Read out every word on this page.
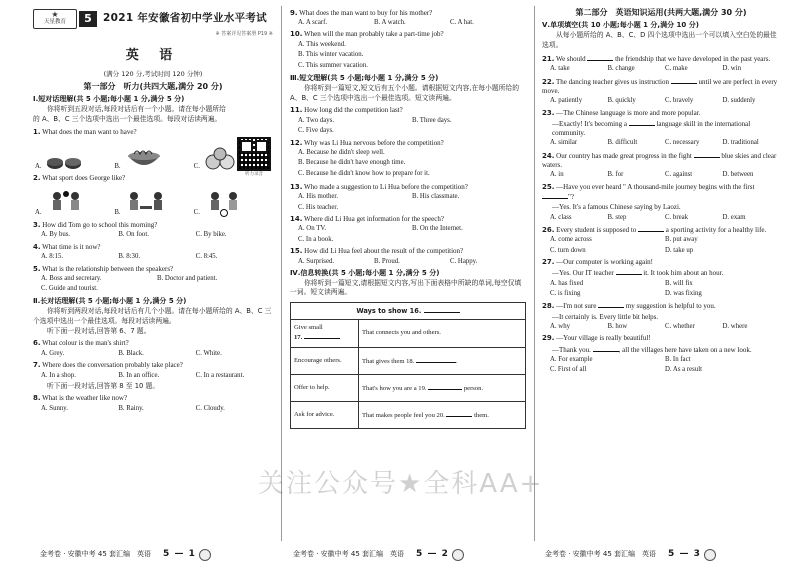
★
天星教育	5	2021 年安徽省初中学业水平考试
※ 答案详见答案册 P19 ※
英 语
(满分 120 分,考试时间 120 分钟)
第一部分　听力(共四大题,满分 20 分)
Ⅰ.短对话理解(共 5 小题;每小题 1 分,满分 5 分)
你将听到五段对话,每段对话后有一个小题。请在每小题所给的 A、B、C 三个选项中选出一个最佳选项。每段对话读两遍。
1. What does the man want to have?
A.	B.	C.
2. What sport does George like?
A.	B.	C.
3. How did Tom go to school this morning?
A. By bus.	B. On foot.	C. By bike.
4. What time is it now?
A. 8:15.	B. 8:30.	C. 8:45.
5. What is the relationship between the speakers?
A. Boss and secretary.	B. Doctor and patient.
C. Guide and tourist.
Ⅱ.长对话理解(共 5 小题;每小题 1 分,满分 5 分)
你将听到两段对话,每段对话后有几个小题。请在每小题所给的 A、B、C 三个选项中选出一个最佳选项。每段对话读两遍。
听下面一段对话,回答第 6、7 题。
6. What colour is the man's shirt?
A. Grey.	B. Black.	C. White.
7. Where does the conversation probably take place?
A. In a shop.	B. In an office.	C. In a restaurant.
听下面一段对话,回答第 8 至 10 题。
8. What is the weather like now?
A. Sunny.	B. Rainy.	C. Cloudy.
听力录音
9. What does the man want to buy for his mother?
A. A scarf.	B. A watch.	C. A hat.
10. When will the man probably take a part-time job?
A. This weekend.
B. This winter vacation.
C. This summer vacation.
Ⅲ.短文理解(共 5 小题;每小题 1 分,满分 5 分)
你将听到一篇短文,短文后有五个小题。请根据短文内容,在每小题所给的 A、B、C 三个选项中选出一个最佳选项。短文读两遍。
11. How long did the competition last?
A. Two days.	B. Three days.
C. Five days.
12. Why was Li Hua nervous before the competition?
A. Because he didn't sleep well.
B. Because he didn't have enough time.
C. Because he didn't know how to prepare for it.
13. Who made a suggestion to Li Hua before the competition?
A. His mother.	B. His classmate.
C. His teacher.
14. Where did Li Hua get information for the speech?
A. On TV.	B. On the Internet.
C. In a book.
15. How did Li Hua feel about the result of the competition?
A. Surprised.	B. Proud.	C. Happy.
Ⅳ.信息转换(共 5 小题;每小题 1 分,满分 5 分)
你将听到一篇短文,请根据短文内容,写出下面表格中所缺的单词,每空仅填一词。短文读两遍。
Ways to show 16.	

Give small
17.	That connects you and others.
Encourage others.	That gives them 18. .
Offer to help.	That's how you are a 19. person.
Ask for advice.	That makes people feel you 20. them.
第二部分　英语知识运用(共两大题,满分 30 分)
Ⅴ.单项填空(共 10 小题;每小题 1 分,满分 10 分)
从每小题所给的 A、B、C、D 四个选项中选出一个可以填入空白处的最佳选项。
21. We should	the friendship that we have developed in the past years.
A. take	B. change	C. make	D. win
22. The dancing teacher gives us instruction	until we are perfect in every move.
A. patiently	B. quickly	C. bravely	D. suddenly
23. —The Chinese language is more and more popular.
—Exactly! It's becoming a	language skill in the international community.
A. similar	B. difficult	C. necessary	D. traditional
24. Our country has made great progress in the fight	blue skies and clear waters.
A. in	B. for	C. against	D. between
25. —Have you ever heard " A thousand-mile journey begins with the first "?
—Yes. It's a famous Chinese saying by Laozi.
A. class	B. step	C. break	D. exam
26. Every student is supposed to	a sporting activity for a healthy life.
A. come across	B. put away
C. turn down	D. take up
27. —Our computer is working again!
—Yes. Our IT teacher	it. It took him about an hour.
A. has fixed	B. will fix
C. is fixing	D. was fixing
28. —I'm not sure	my suggestion is helpful to you.
—It certainly is. Every little bit helps.
A. why	B. how	C. whether	D. where
29. —Your village is really beautiful!
—Thank you.	, all the villages here have taken on a new look.
A. For example	B. In fact
C. First of all	D. As a result
金考卷 · 安徽中考 45 套汇编　英语 5 — 1	金考卷 · 安徽中考 45 套汇编　英语 5 — 2	金考卷 · 安徽中考 45 套汇编　英语 5 — 3
关注公众号★全科AA+
